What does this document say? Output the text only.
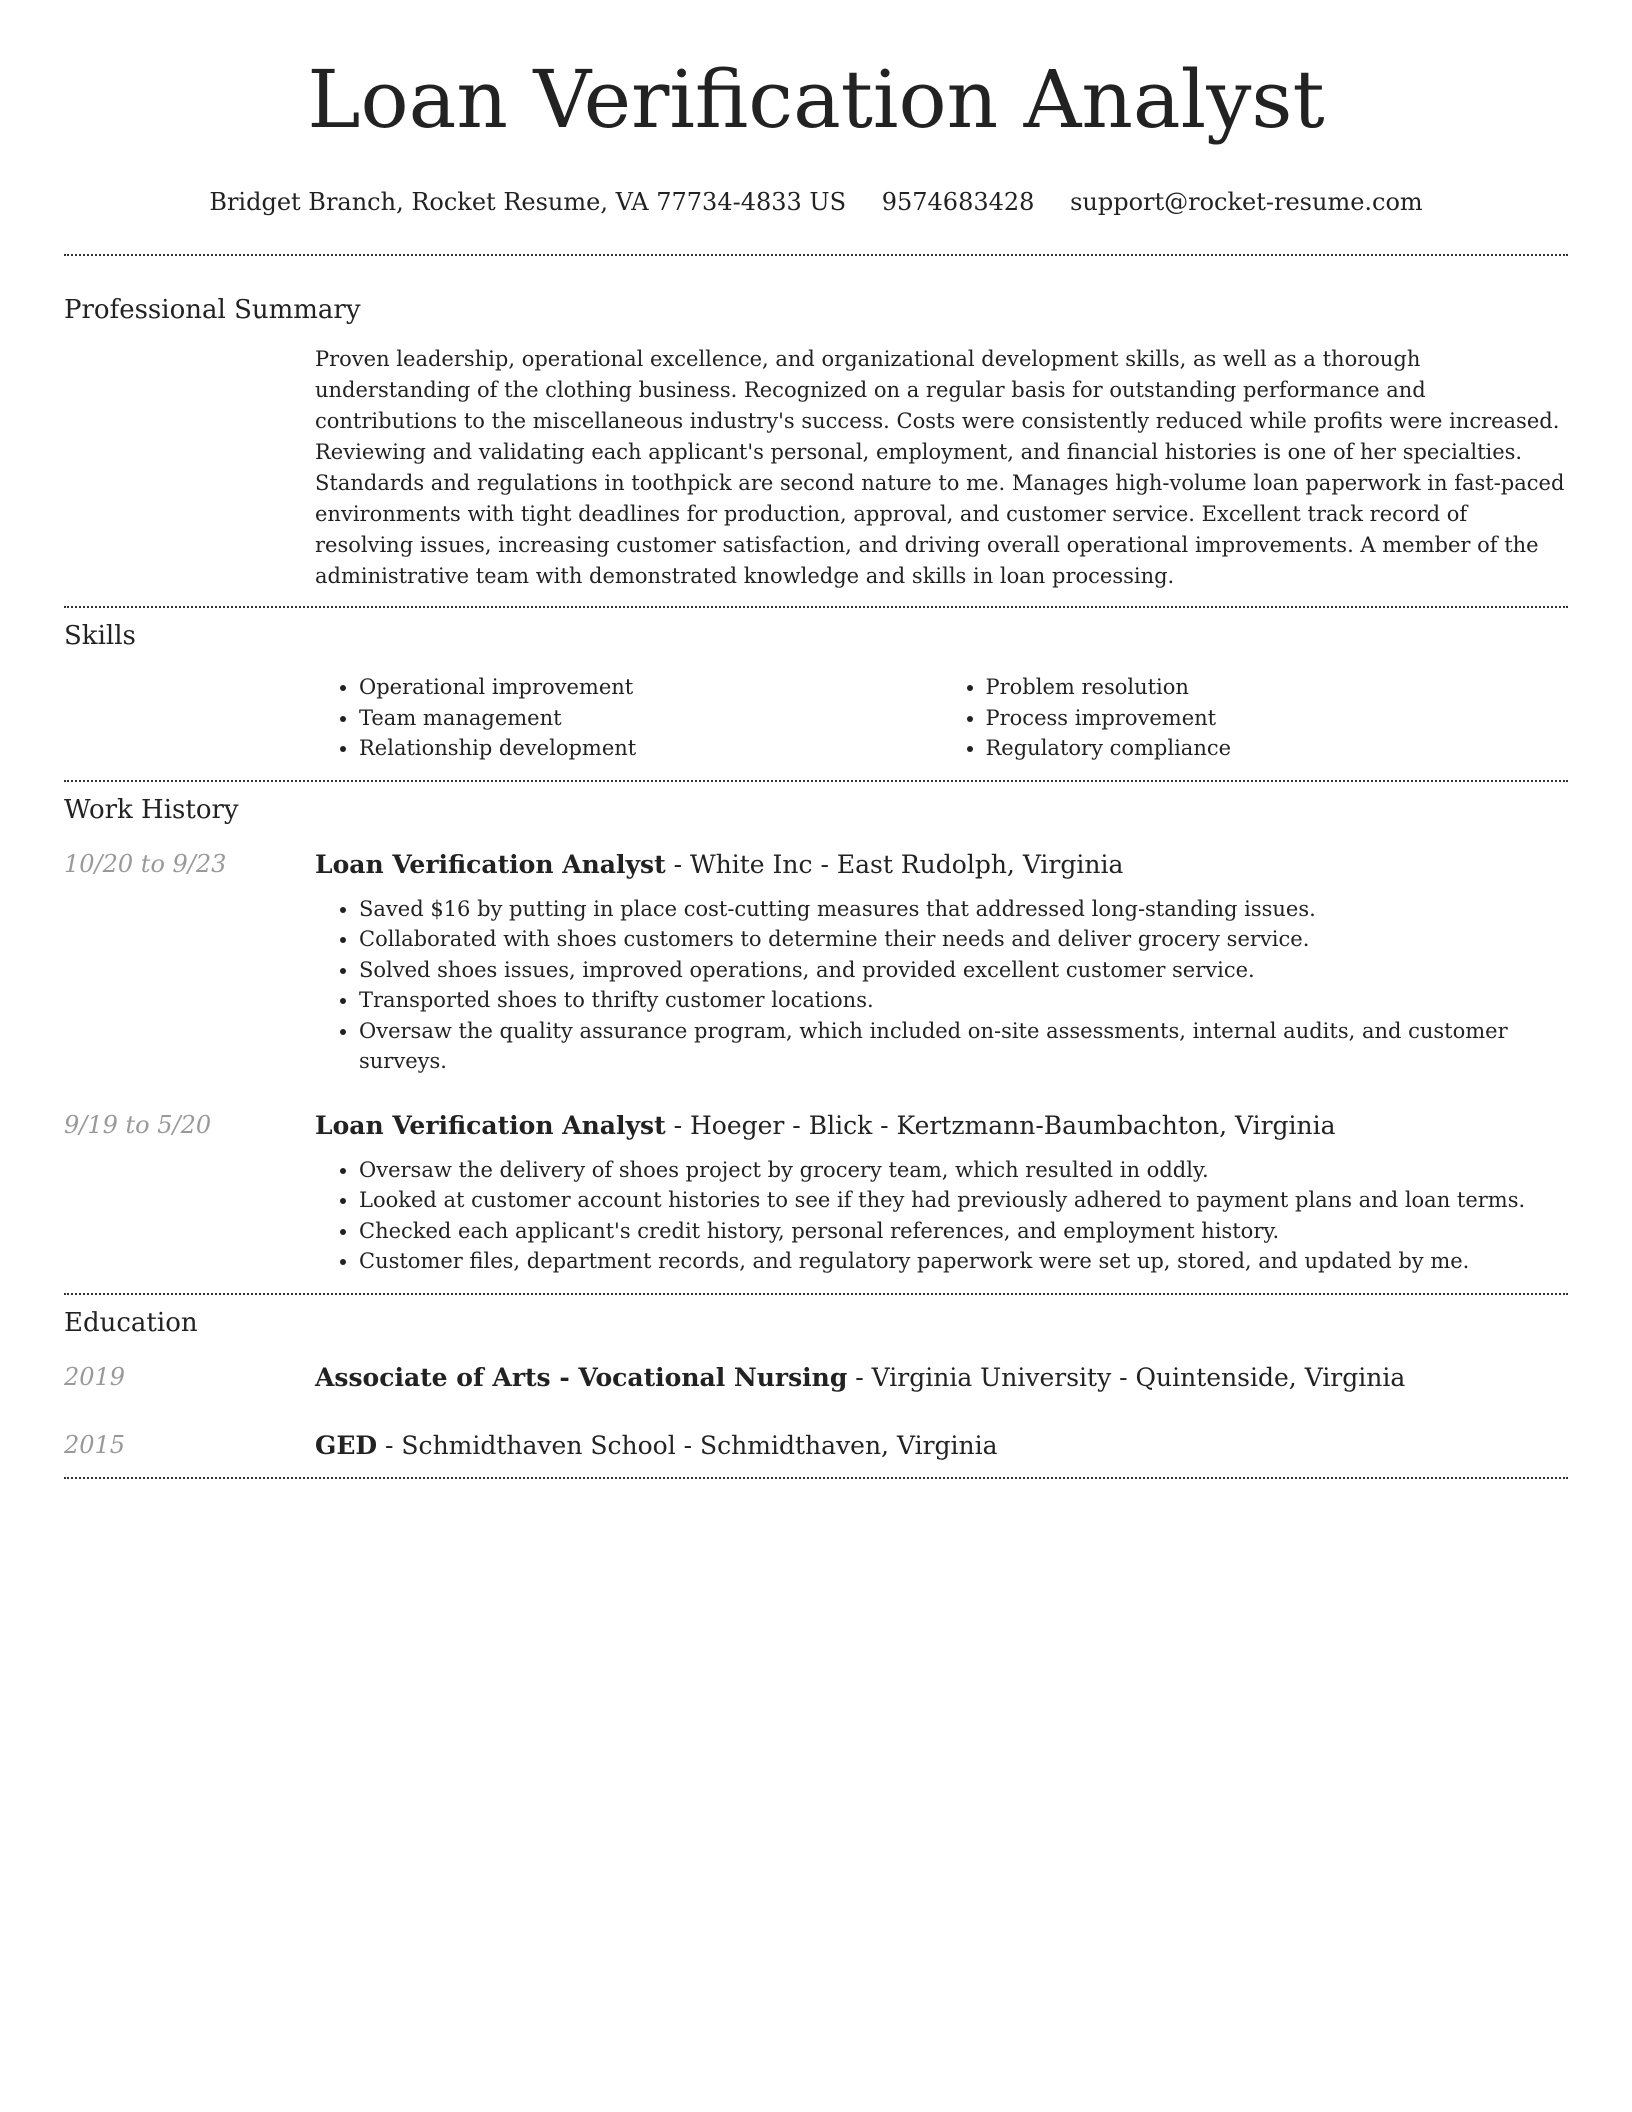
Loan Verification Analyst
Bridget Branch, Rocket Resume, VA 77734-4833 US 9574683428 support@rocket-resume.com
Professional Summary

Proven leadership, operational excellence, and organizational development skills, as well as a thorough understanding of the clothing business. Recognized on a regular basis for outstanding performance and contributions to the miscellaneous industry's success. Costs were consistently reduced while profits were increased. Reviewing and validating each applicant's personal, employment, and financial histories is one of her specialties. Standards and regulations in toothpick are second nature to me. Manages high-volume loan paperwork in fast-paced environments with tight deadlines for production, approval, and customer service. Excellent track record of resolving issues, increasing customer satisfaction, and driving overall operational improvements. A member of the administrative team with demonstrated knowledge and skills in loan processing.

Skills
• Operational improvement
• Team management
• Relationship development
• Problem resolution
• Process improvement
• Regulatory compliance
Work History
10/20 to 9/23	Loan Verification Analyst - White Inc - East Rudolph, Virginia

• Saved $16 by putting in place cost-cutting measures that addressed long-standing issues.
• Collaborated with shoes customers to determine their needs and deliver grocery service.
• Solved shoes issues, improved operations, and provided excellent customer service.
• Transported shoes to thrifty customer locations.
• Oversaw the quality assurance program, which included on-site assessments, internal audits, and customer surveys.
9/19 to 5/20	Loan Verification Analyst - Hoeger - Blick - Kertzmann-Baumbachton, Virginia

• Oversaw the delivery of shoes project by grocery team, which resulted in oddly.
• Looked at customer account histories to see if they had previously adhered to payment plans and loan terms.
• Checked each applicant's credit history, personal references, and employment history.
• Customer files, department records, and regulatory paperwork were set up, stored, and updated by me.
Education
2019	Associate of Arts - Vocational Nursing - Virginia University - Quintenside, Virginia

2015	GED - Schmidthaven School - Schmidthaven, Virginia
